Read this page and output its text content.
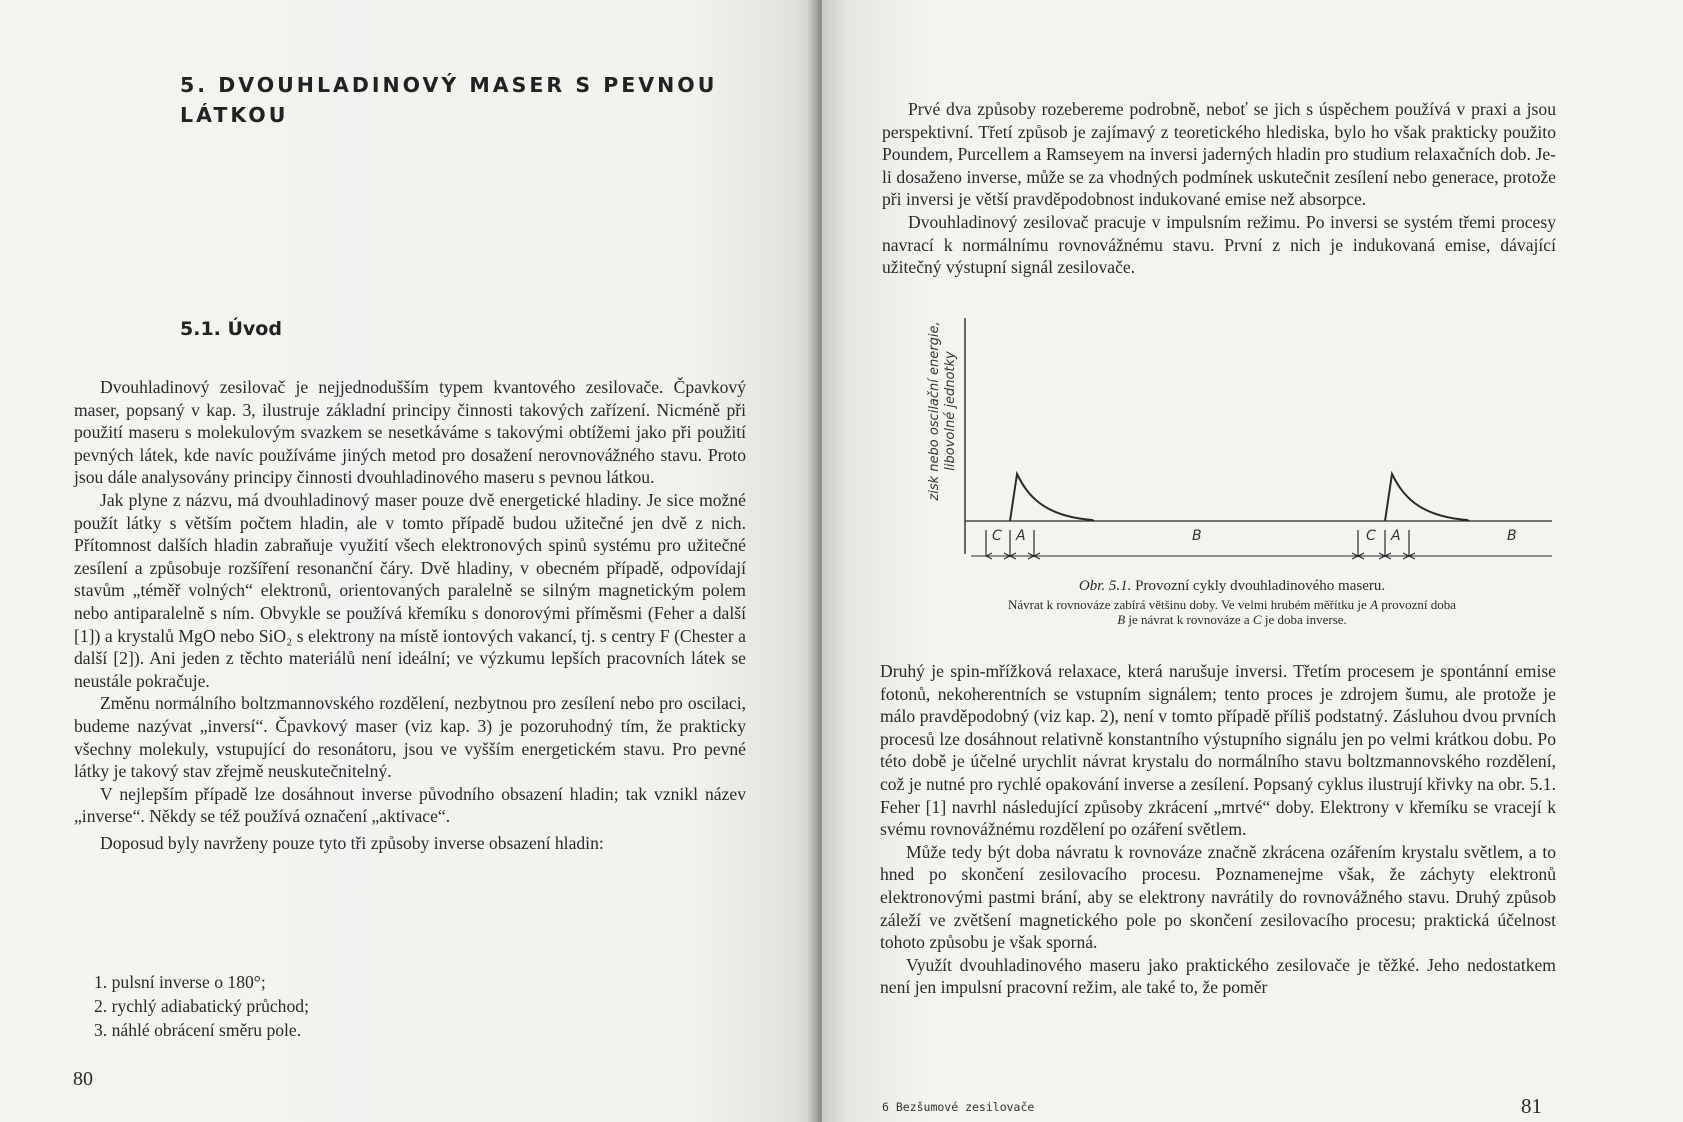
5. DVOUHLADINOVÝ MASER S PEVNOU LÁTKOU
5.1. Úvod

Dvouhladinový zesilovač je nejjednodušším typem kvantového zesilovače. Čpavkový maser, popsaný v kap. 3, ilustruje základní principy činnosti takových zařízení. Nicméně při použití maseru s molekulovým svazkem se nesetkáváme s takovými obtížemi jako při použití pevných látek, kde navíc používáme jiných metod pro dosažení nerovnovážného stavu. Proto jsou dále analysovány principy činnosti dvouhladinového maseru s pevnou látkou.

Jak plyne z názvu, má dvouhladinový maser pouze dvě energetické hladiny. Je sice možné použít látky s větším počtem hladin, ale v tomto případě budou užitečné jen dvě z nich. Přítomnost dalších hladin zabraňuje využití všech elektronových spinů systému pro užitečné zesílení a způsobuje rozšíření resonanční čáry. Dvě hladiny, v obecném případě, odpovídají stavům „téměř volných“ elektronů, orientovaných paralelně se silným magnetickým polem nebo antiparalelně s ním. Obvykle se používá křemíku s donorovými příměsmi (Feher a další [1]) a krystalů MgO nebo SiO₂ s elektrony na místě iontových vakancí, tj. s centry F (Chester a další [2]). Ani jeden z těchto materiálů není ideální; ve výzkumu lepších pracovních látek se neustále pokračuje.

Změnu normálního boltzmannovského rozdělení, nezbytnou pro zesílení nebo pro oscilaci, budeme nazývat „inversí“. Čpavkový maser (viz kap. 3) je pozoruhodný tím, že prakticky všechny molekuly, vstupující do resonátoru, jsou ve vyšším energetickém stavu. Pro pevné látky je takový stav zřejmě neuskutečnitelný.

V nejlepším případě lze dosáhnout inverse původního obsazení hladin; tak vznikl název „inverse“. Někdy se též používá označení „aktivace“.

Doposud byly navrženy pouze tyto tři způsoby inverse obsazení hladin:

1. pulsní inverse o 180°;
2. rychlý adiabatický průchod;
3. náhlé obrácení směru pole.
80

Prvé dva způsoby rozebereme podrobně, neboť se jich s úspěchem používá v praxi a jsou perspektivní. Třetí způsob je zajímavý z teoretického hlediska, bylo ho však prakticky použito Poundem, Purcellem a Ramseyem na inversi jaderných hladin pro studium relaxačních dob. Je-li dosaženo inverse, může se za vhodných podmínek uskutečnit zesílení nebo generace, protože při inversi je větší pravděpodobnost indukované emise než absorpce.

Dvouhladinový zesilovač pracuje v impulsním režimu. Po inversi se systém třemi procesy navrací k normálnímu rovnovážnému stavu. První z nich je indukovaná emise, dávající užitečný výstupní signál zesilovače.

zisk nebo oscilační energie, libovolné jednotky
C A	B	C A	B
Obr. 5.1. Provozní cykly dvouhladinového maseru.
Návrat k rovnováze zabírá většinu doby. Ve velmi hrubém měřítku je A provozní doba
B je návrat k rovnováze a C je doba inverse.

Druhý je spin-mřížková relaxace, která narušuje inversi. Třetím procesem je spontánní emise fotonů, nekoherentních se vstupním signálem; tento proces je zdrojem šumu, ale protože je málo pravděpodobný (viz kap. 2), není v tomto případě příliš podstatný. Zásluhou dvou prvních procesů lze dosáhnout relativně konstantního výstupního signálu jen po velmi krátkou dobu. Po této době je účelné urychlit návrat krystalu do normálního stavu boltzmannovského rozdělení, což je nutné pro rychlé opakování inverse a zesílení. Popsaný cyklus ilustrují křivky na obr. 5.1. Feher [1] navrhl následující způsoby zkrácení „mrtvé“ doby. Elektrony v křemíku se vracejí k svému rovnovážnému rozdělení po ozáření světlem.

Může tedy být doba návratu k rovnováze značně zkrácena ozářením krystalu světlem, a to hned po skončení zesilovacího procesu. Poznamenejme však, že záchyty elektronů elektronovými pastmi brání, aby se elektrony navrátily do rovnovážného stavu. Druhý způsob záleží ve zvětšení magnetického pole po skončení zesilovacího procesu; praktická účelnost tohoto způsobu je však sporná.

Využít dvouhladinového maseru jako praktického zesilovače je těžké. Jeho nedostatkem není jen impulsní pracovní režim, ale také to, že poměr

6 Bezšumové zesilovače	81
